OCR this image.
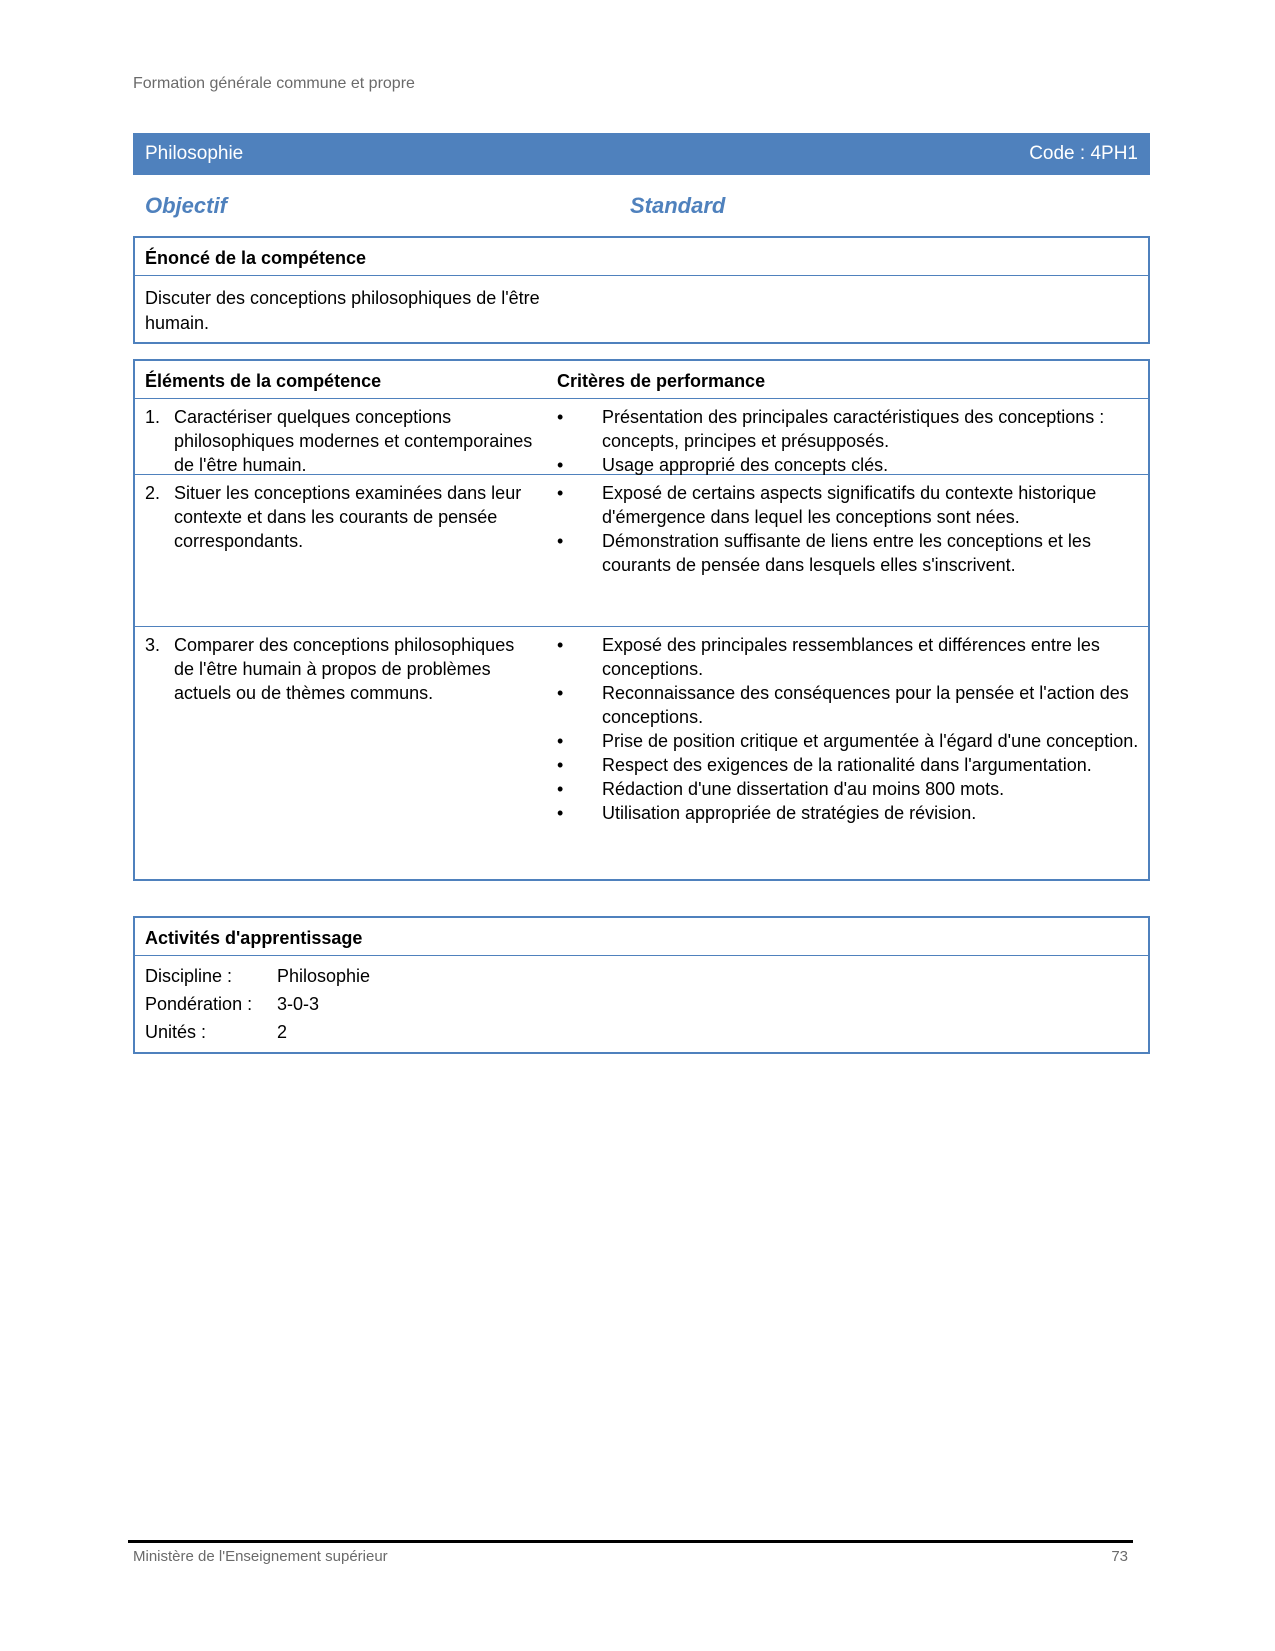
Formation générale commune et propre
Philosophie	Code : 4PH1
Objectif	Standard
Énoncé de la compétence
Discuter des conceptions philosophiques de l'être humain.
Éléments de la compétence	Critères de performance
1. Caractériser quelques conceptions philosophiques modernes et contemporaines de l'être humain.
•	Présentation des principales caractéristiques des conceptions : concepts, principes et présupposés.
•	Usage approprié des concepts clés.
2. Situer les conceptions examinées dans leur contexte et dans les courants de pensée correspondants.
•	Exposé de certains aspects significatifs du contexte historique d'émergence dans lequel les conceptions sont nées.
•	Démonstration suffisante de liens entre les conceptions et les courants de pensée dans lesquels elles s'inscrivent.
3. Comparer des conceptions philosophiques de l'être humain à propos de problèmes actuels ou de thèmes communs.
•	Exposé des principales ressemblances et différences entre les conceptions.
•	Reconnaissance des conséquences pour la pensée et l'action des conceptions.
•	Prise de position critique et argumentée à l'égard d'une conception.
•	Respect des exigences de la rationalité dans l'argumentation.
•	Rédaction d'une dissertation d'au moins 800 mots.
•	Utilisation appropriée de stratégies de révision.
Activités d'apprentissage
Discipline :	Philosophie
Pondération :	3-0-3
Unités :	2
Ministère de l'Enseignement supérieur	73
